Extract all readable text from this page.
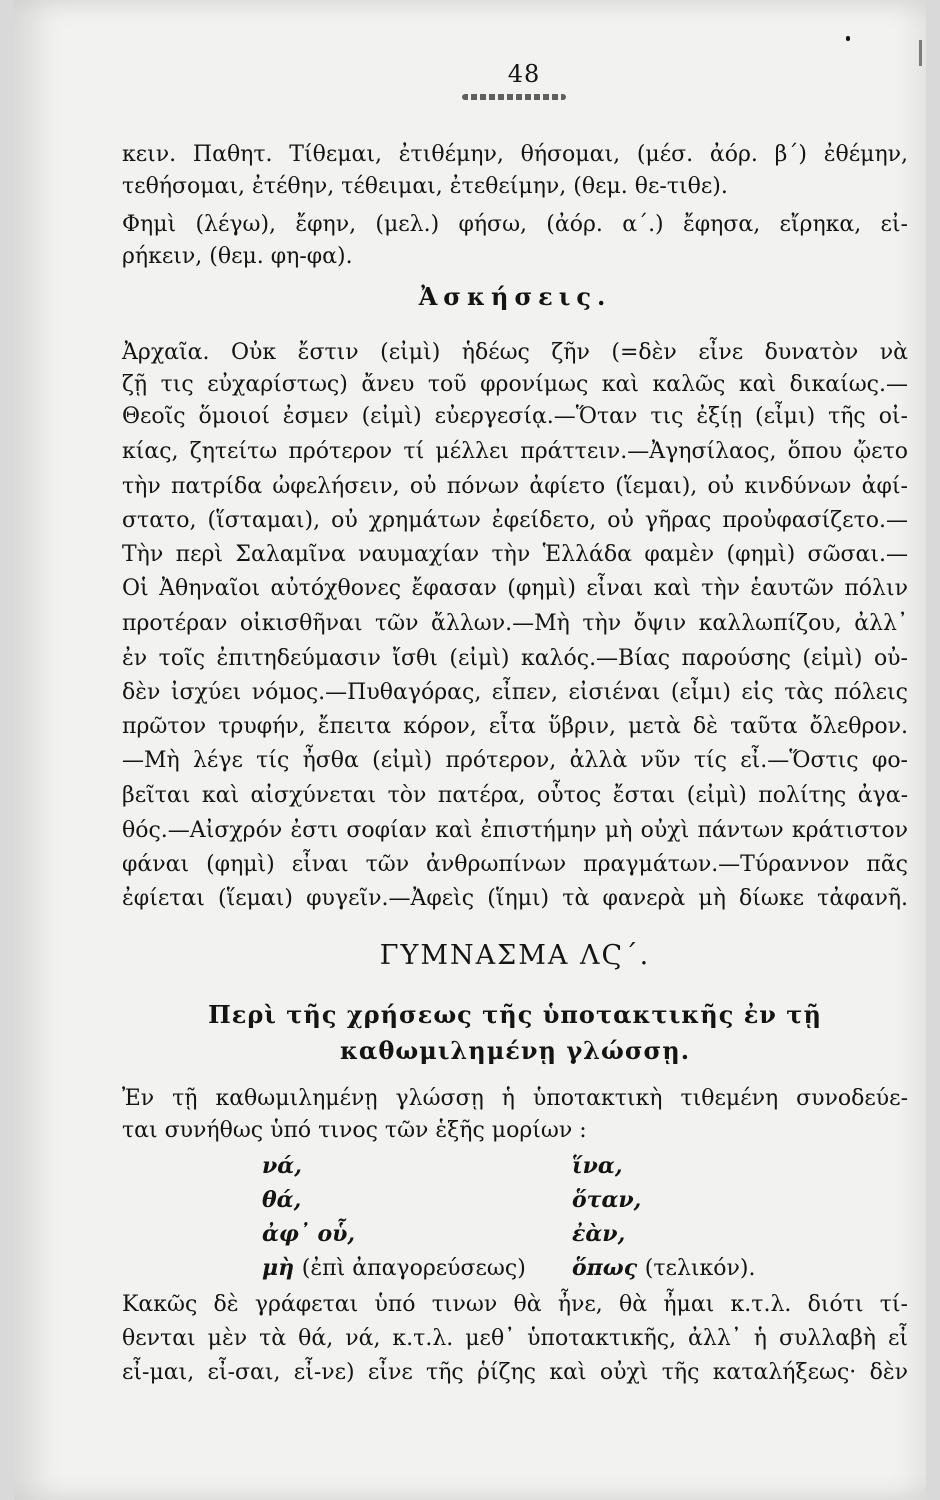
48
κειν. Παθητ. Τίθεμαι, ἐτιθέμην, θήσομαι, (μέσ. ἀόρ. β΄) ἐθέμην,
τεθήσομαι, ἐτέθην, τέθειμαι, ἐτεθείμην, (θεμ. θε-τιθε).
Φημὶ (λέγω), ἔφην, (μελ.) φήσω, (ἀόρ. α΄.) ἔφησα, εἴρηκα, εἰ-
ρήκειν, (θεμ. φη-φα).
Ἀσκήσεις.
Ἀρχαῖα. Οὐκ ἔστιν (εἰμὶ) ἡδέως ζῆν (=δὲν εἶνε δυνατὸν νὰ
ζῇ τις εὐχαρίστως) ἄνευ τοῦ φρονίμως καὶ καλῶς καὶ δικαίως.—
Θεοῖς ὅμοιοί ἐσμεν (εἰμὶ) εὐεργεσίᾳ.—Ὅταν τις ἐξίῃ (εἶμι) τῆς οἰ-
κίας, ζητείτω πρότερον τί μέλλει πράττειν.—Ἀγησίλαος, ὅπου ᾤετο
τὴν πατρίδα ὠφελήσειν, οὐ πόνων ἀφίετο (ἵεμαι), οὐ κινδύνων ἀφί-
στατο, (ἵσταμαι), οὐ χρημάτων ἐφείδετο, οὐ γῆρας προὐφασίζετο.—
Τὴν περὶ Σαλαμῖνα ναυμαχίαν τὴν Ἑλλάδα φαμὲν (φημὶ) σῶσαι.—
Οἱ Ἀθηναῖοι αὐτόχθονες ἔφασαν (φημὶ) εἶναι καὶ τὴν ἑαυτῶν πόλιν
προτέραν οἰκισθῆναι τῶν ἄλλων.—Μὴ τὴν ὄψιν καλλωπίζου, ἀλλ᾽
ἐν τοῖς ἐπιτηδεύμασιν ἴσθι (εἰμὶ) καλός.—Βίας παρούσης (εἰμὶ) οὐ-
δὲν ἰσχύει νόμος.—Πυθαγόρας, εἶπεν, εἰσιέναι (εἶμι) εἰς τὰς πόλεις
πρῶτον τρυφήν, ἔπειτα κόρον, εἶτα ὕβριν, μετὰ δὲ ταῦτα ὄλεθρον.
—Μὴ λέγε τίς ἦσθα (εἰμὶ) πρότερον, ἀλλὰ νῦν τίς εἶ.—Ὅστις φο-
βεῖται καὶ αἰσχύνεται τὸν πατέρα, οὗτος ἔσται (εἰμὶ) πολίτης ἀγα-
θός.—Αἰσχρόν ἐστι σοφίαν καὶ ἐπιστήμην μὴ οὐχὶ πάντων κράτιστον
φάναι (φημὶ) εἶναι τῶν ἀνθρωπίνων πραγμάτων.—Τύραννον πᾶς
ἐφίεται (ἵεμαι) φυγεῖν.—Ἀφεὶς (ἵημι) τὰ φανερὰ μὴ δίωκε τἀφανῆ.
ΓΥΜΝΑΣΜΑ ΛϚ΄.
Περὶ τῆς χρήσεως τῆς ὑποτακτικῆς ἐν τῇ
καθωμιλημένῃ γλώσσῃ.
Ἐν τῇ καθωμιλημένῃ γλώσσῃ ἡ ὑποτακτικὴ τιθεμένη συνοδεύε-
ται συνήθως ὑπό τινος τῶν ἑξῆς μορίων :
νά,
θά,
ἀφ᾽ οὗ,
μὴ (ἐπὶ ἀπαγορεύσεως)
ἵνα,
ὅταν,
ἐὰν,
ὅπως (τελικόν).
Κακῶς δὲ γράφεται ὑπό τινων θὰ ἦνε, θὰ ἦμαι κ.τ.λ. διότι τί-
θενται μὲν τὰ θά, νά, κ.τ.λ. μεθ᾽ ὑποτακτικῆς, ἀλλ᾽ ἡ συλλαβὴ εἶ
εἶ-μαι, εἶ-σαι, εἶ-νε) εἶνε τῆς ῥίζης καὶ οὐχὶ τῆς καταλήξεως· δὲν
